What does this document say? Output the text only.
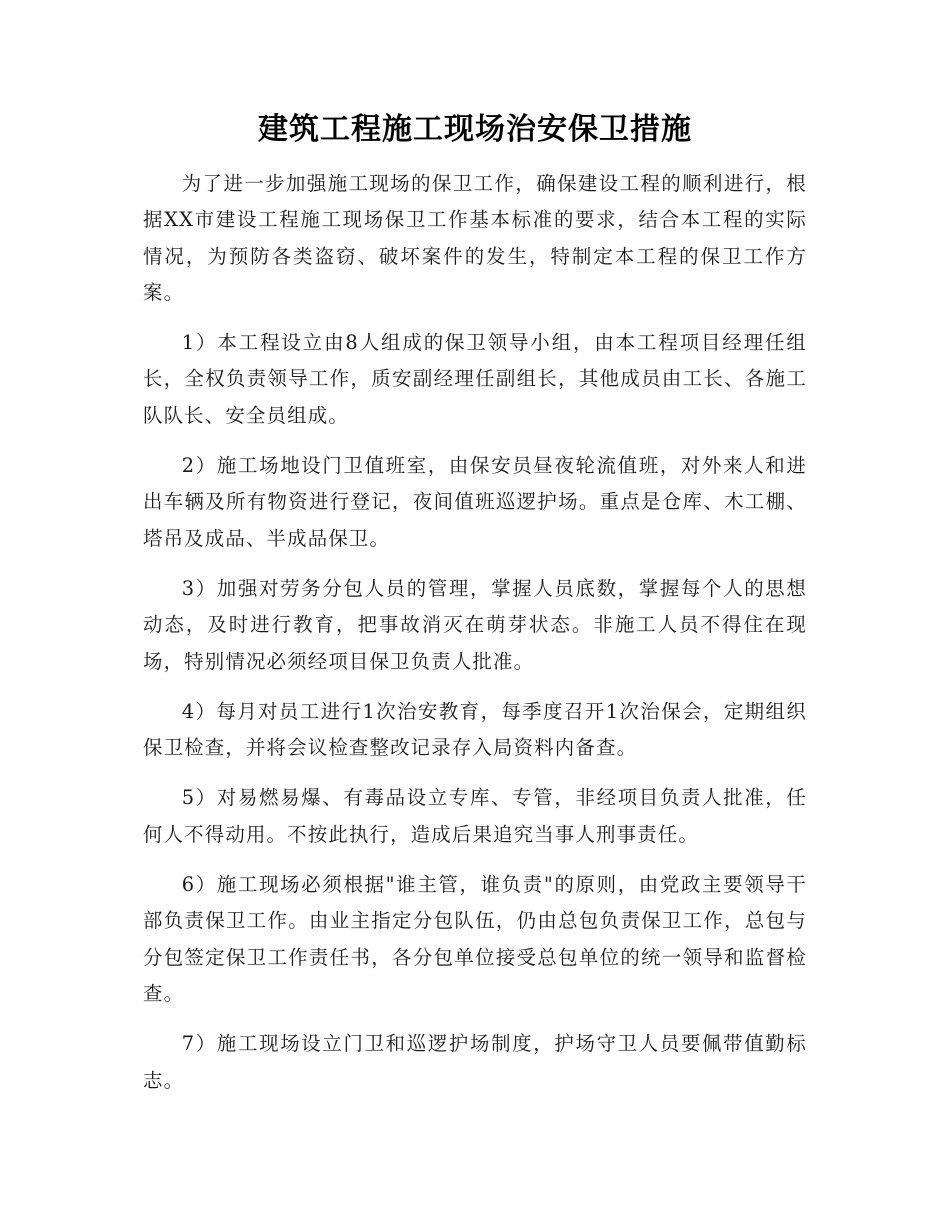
建筑工程施工现场治安保卫措施

为了进一步加强施工现场的保卫工作，确保建设工程的顺利进行，根据XX市建设工程施工现场保卫工作基本标准的要求，结合本工程的实际情况，为预防各类盗窃、破坏案件的发生，特制定本工程的保卫工作方案。

1）本工程设立由8人组成的保卫领导小组，由本工程项目经理任组长，全权负责领导工作，质安副经理任副组长，其他成员由工长、各施工队队长、安全员组成。

2）施工场地设门卫值班室，由保安员昼夜轮流值班，对外来人和进出车辆及所有物资进行登记，夜间值班巡逻护场。重点是仓库、木工棚、塔吊及成品、半成品保卫。

3）加强对劳务分包人员的管理，掌握人员底数，掌握每个人的思想动态，及时进行教育，把事故消灭在萌芽状态。非施工人员不得住在现场，特别情况必须经项目保卫负责人批准。

4）每月对员工进行1次治安教育，每季度召开1次治保会，定期组织保卫检查，并将会议检查整改记录存入局资料内备查。

5）对易燃易爆、有毒品设立专库、专管，非经项目负责人批准，任何人不得动用。不按此执行，造成后果追究当事人刑事责任。

6）施工现场必须根据"谁主管，谁负责"的原则，由党政主要领导干部负责保卫工作。由业主指定分包队伍，仍由总包负责保卫工作，总包与分包签定保卫工作责任书，各分包单位接受总包单位的统一领导和监督检查。

7）施工现场设立门卫和巡逻护场制度，护场守卫人员要佩带值勤标志。
